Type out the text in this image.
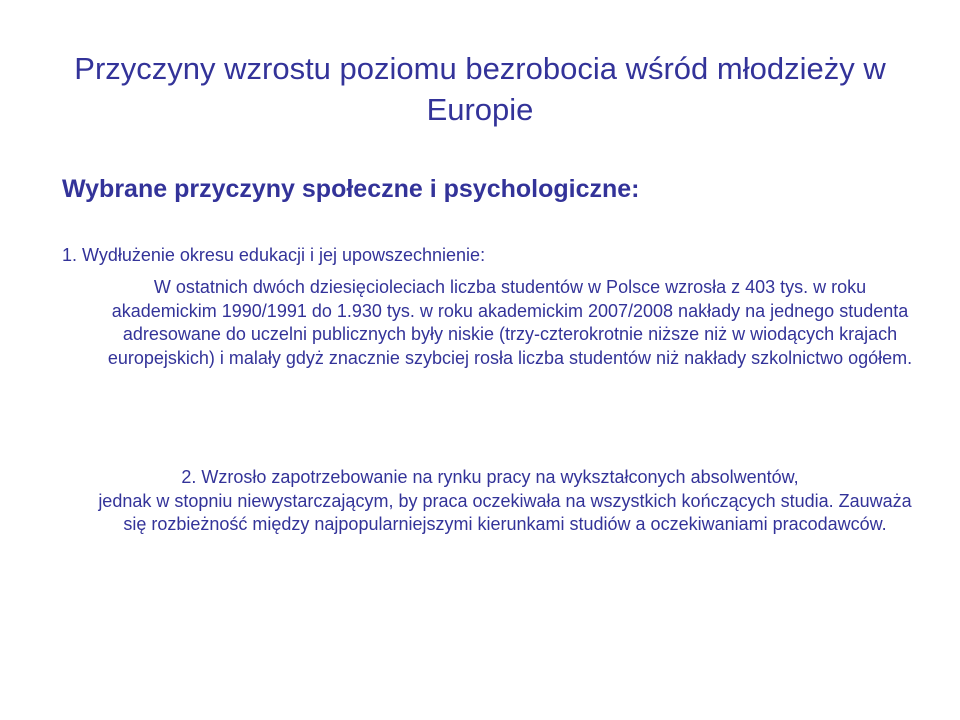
Przyczyny wzrostu poziomu bezrobocia wśród młodzieży w Europie
Wybrane przyczyny społeczne i psychologiczne:

1. Wydłużenie okresu edukacji i jej upowszechnienie:

W ostatnich dwóch dziesięcioleciach liczba studentów w Polsce wzrosła z 403 tys. w roku akademickim 1990/1991 do 1.930 tys. w roku akademickim 2007/2008 nakłady na jednego studenta adresowane do uczelni publicznych były niskie (trzy-czterokrotnie niższe niż w wiodących krajach europejskich) i malały gdyż znacznie szybciej rosła liczba studentów niż nakłady szkolnictwo ogółem.

2. Wzrosło zapotrzebowanie na rynku pracy na wykształconych absolwentów,
jednak w stopniu niewystarczającym, by praca oczekiwała na wszystkich kończących studia. Zauważa się rozbieżność między najpopularniejszymi kierunkami studiów a oczekiwaniami pracodawców.
